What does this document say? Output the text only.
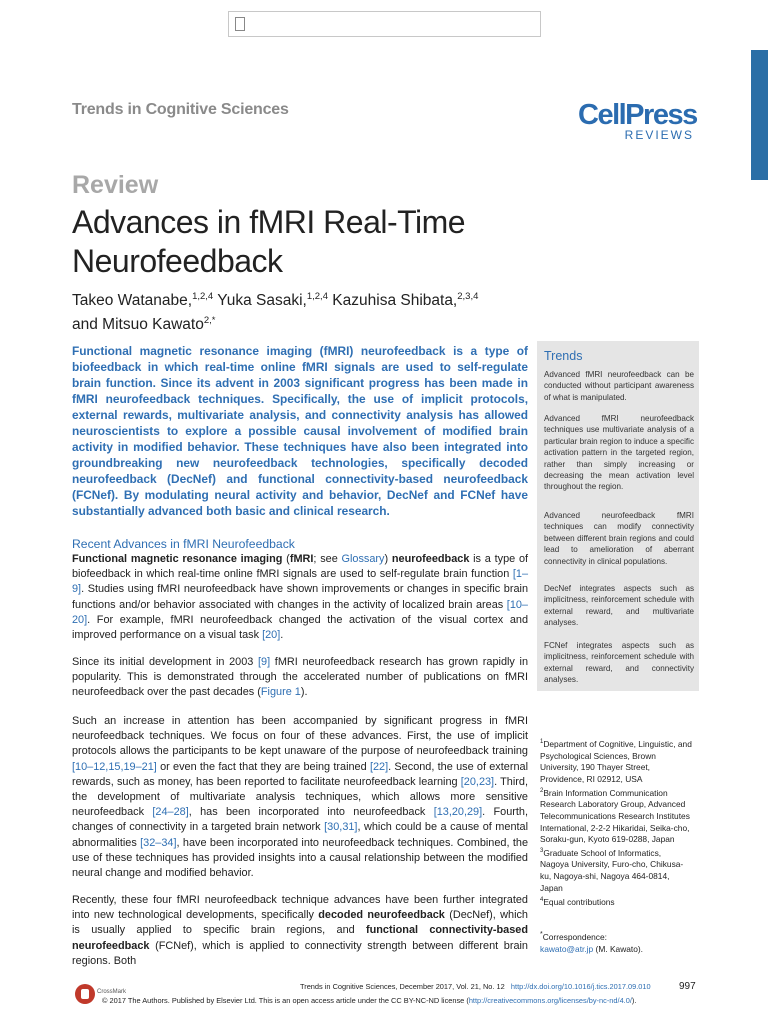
Trends in Cognitive Sciences	CellPress
REVIEWS
Review
Advances in fMRI Real-Time Neurofeedback
Takeo Watanabe,$^{1,2,4}$ Yuka Sasaki,$^{1,2,4}$ Kazuhisa Shibata,$^{2,3,4}$
and Mitsuo Kawato$^{2,*}$
Functional magnetic resonance imaging (fMRI) neurofeedback is a type of biofeedback in which real-time online fMRI signals are used to self-regulate brain function. Since its advent in 2003 significant progress has been made in fMRI neurofeedback techniques. Specifically, the use of implicit protocols, external rewards, multivariate analysis, and connectivity analysis has allowed neuroscientists to explore a possible causal involvement of modified brain activity in modified behavior. These techniques have also been integrated into groundbreaking new neurofeedback technologies, specifically decoded neurofeedback (DecNef) and functional connectivity-based neurofeedback (FCNef). By modulating neural activity and behavior, DecNef and FCNef have substantially advanced both basic and clinical research.
Recent Advances in fMRI Neurofeedback

Functional magnetic resonance imaging (fMRI; see Glossary) neurofeedback is a type of biofeedback in which real-time online fMRI signals are used to self-regulate brain function [1–9]. Studies using fMRI neurofeedback have shown improvements or changes in specific brain functions and/or behavior associated with changes in the activity of localized brain areas [10–20]. For example, fMRI neurofeedback changed the activation of the visual cortex and improved performance on a visual task [20].

Since its initial development in 2003 [9] fMRI neurofeedback research has grown rapidly in popularity. This is demonstrated through the accelerated number of publications on fMRI neurofeedback over the past decades (Figure 1).

Such an increase in attention has been accompanied by significant progress in fMRI neurofeedback techniques. We focus on four of these advances. First, the use of implicit protocols allows the participants to be kept unaware of the purpose of neurofeedback training [10–12,15,19–21] or even the fact that they are being trained [22]. Second, the use of external rewards, such as money, has been reported to facilitate neurofeedback learning [20,23]. Third, the development of multivariate analysis techniques, which allows more sensitive neurofeedback [24–28], has been incorporated into neurofeedback [13,20,29]. Fourth, changes of connectivity in a targeted brain network [30,31], which could be a cause of mental abnormalities [32–34], have been incorporated into neurofeedback techniques. Combined, the use of these techniques has provided insights into a causal relationship between the modified neural change and modified behavior.

Recently, these four fMRI neurofeedback technique advances have been further integrated into new technological developments, specifically decoded neurofeedback (DecNef), which is usually applied to specific brain regions, and functional connectivity-based neurofeedback (FCNef), which is applied to connectivity strength between different brain regions. Both

Trends
Advanced fMRI neurofeedback can be conducted without participant awareness of what is manipulated.
Advanced fMRI neurofeedback techniques use multivariate analysis of a particular brain region to induce a specific activation pattern in the targeted region, rather than simply increasing or decreasing the mean activation level throughout the region.
Advanced neurofeedback fMRI techniques can modify connectivity between different brain regions and could lead to amelioration of aberrant connectivity in clinical populations.
DecNef integrates aspects such as implicitness, reinforcement schedule with external reward, and multivariate analyses.
FCNef integrates aspects such as implicitness, reinforcement schedule with external reward, and connectivity analyses.
$^1$Department of Cognitive, Linguistic, and Psychological Sciences, Brown University, 190 Thayer Street, Providence, RI 02912, USA
$^2$Brain Information Communication Research Laboratory Group, Advanced Telecommunications Research Institutes International, 2-2-2 Hikaridai, Seika-cho, Soraku-gun, Kyoto 619-0288, Japan
$^3$Graduate School of Informatics, Nagoya University, Furo-cho, Chikusa-ku, Nagoya-shi, Nagoya 464-0814, Japan
$^4$Equal contributions
*Correspondence:
kawato@atr.jp (M. Kawato).
Trends in Cognitive Sciences, December 2017, Vol. 21, No. 12 http://dx.doi.org/10.1016/j.tics.2017.09.010	997
CrossMark
© 2017 The Authors. Published by Elsevier Ltd. This is an open access article under the CC BY-NC-ND license (http://creativecommons.org/licenses/by-nc-nd/4.0/).
